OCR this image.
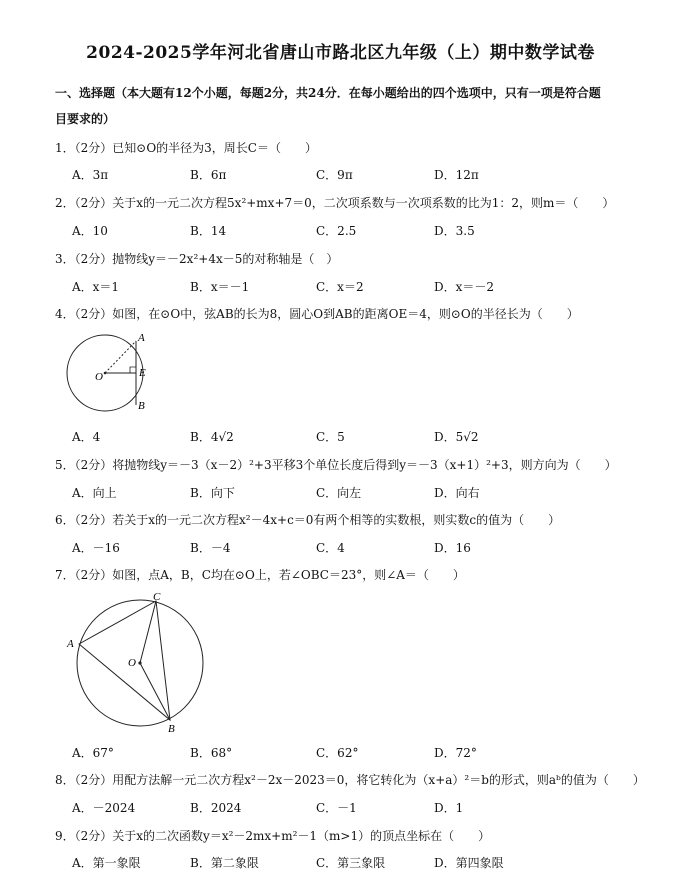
2024-2025学年河北省唐山市路北区九年级（上）期中数学试卷
一、选择题（本大题有12个小题，每题2分，共24分．在每小题给出的四个选项中，只有一项是符合题
目要求的）
1．（2分）已知⊙O的半径为3，周长C＝（　　）
A．3π	B．6π	C．9π	D．12π
2．（2分）关于x的一元二次方程5x²+mx+7＝0，二次项系数与一次项系数的比为1：2，则m＝（　　）
A．10	B．14	C．2.5	D．3.5
3．（2分）抛物线y＝－2x²+4x－5的对称轴是（　）
A．x＝1	B．x＝－1	C．x＝2	D．x＝－2
4．（2分）如图，在⊙O中，弦AB的长为8，圆心O到AB的距离OE＝4，则⊙O的半径长为（　　）
A
B
O	E
A．4	B．4√2	C．5	D．5√2
5．（2分）将抛物线y＝－3（x－2）²+3平移3个单位长度后得到y＝－3（x+1）²+3，则方向为（　　）
A．向上	B．向下	C．向左	D．向右
6．（2分）若关于x的一元二次方程x²－4x+c＝0有两个相等的实数根，则实数c的值为（　　）
A．－16	B．－4	C．4	D．16
7．（2分）如图，点A，B，C均在⊙O上，若∠OBC＝23°，则∠A＝（　　）
A
B
C
O
A．67°	B．68°	C．62°	D．72°
8．（2分）用配方法解一元二次方程x²－2x－2023＝0，将它转化为（x+a）²＝b的形式，则aᵇ的值为（　　）
A．－2024	B．2024	C．－1	D．1
9．（2分）关于x的二次函数y＝x²－2mx+m²－1（m>1）的顶点坐标在（　　）
A．第一象限	B．第二象限	C．第三象限	D．第四象限
